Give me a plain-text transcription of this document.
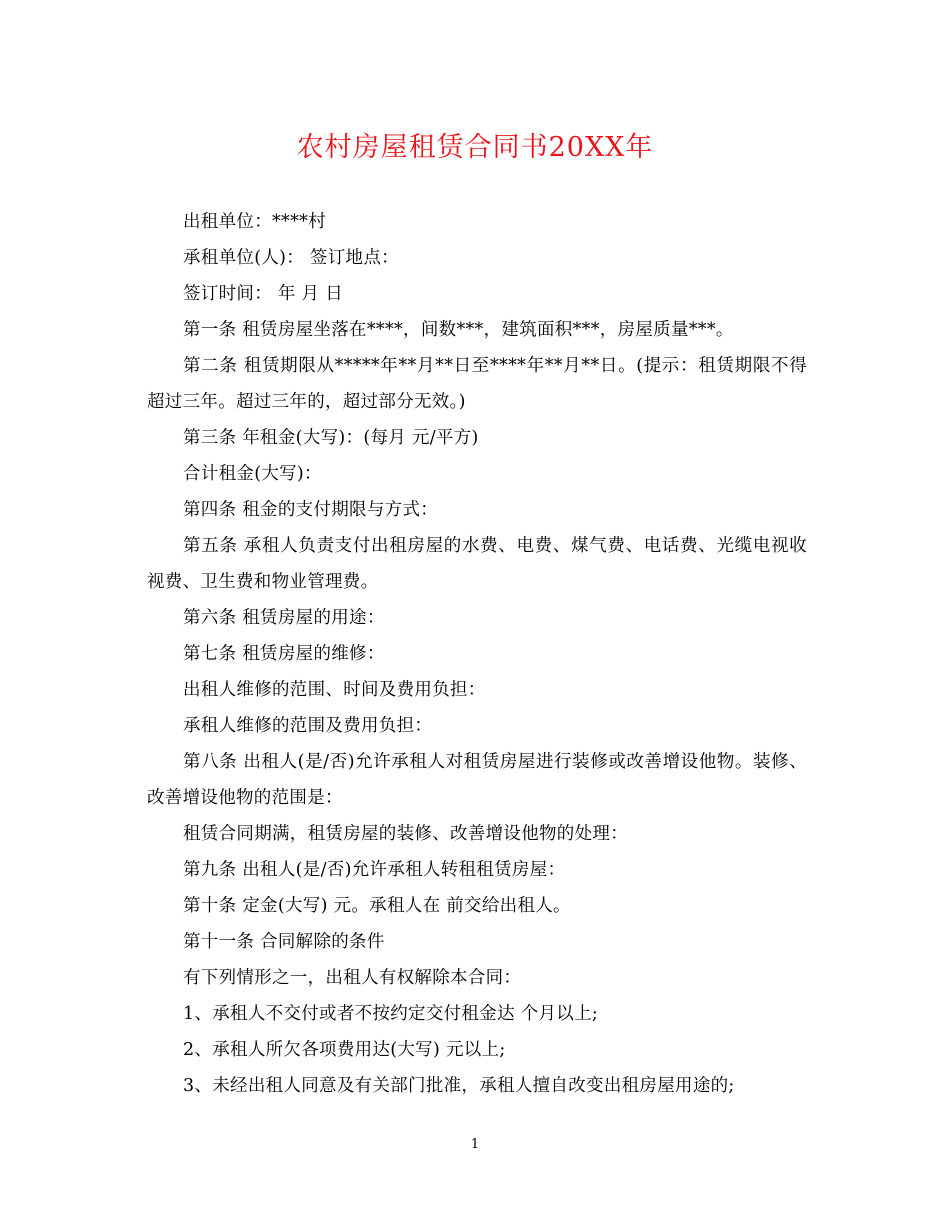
农村房屋租赁合同书20XX年

出租单位：****村

承租单位(人)： 签订地点：

签订时间： 年 月 日

第一条 租赁房屋坐落在****，间数***，建筑面积***，房屋质量***。

第二条 租赁期限从*****年**月**日至****年**月**日。(提示：租赁期限不得超过三年。超过三年的，超过部分无效。)

第三条 年租金(大写)：(每月 元/平方)

合计租金(大写)：

第四条 租金的支付期限与方式：

第五条 承租人负责支付出租房屋的水费、电费、煤气费、电话费、光缆电视收视费、卫生费和物业管理费。

第六条 租赁房屋的用途：

第七条 租赁房屋的维修：

出租人维修的范围、时间及费用负担：

承租人维修的范围及费用负担：

第八条 出租人(是/否)允许承租人对租赁房屋进行装修或改善增设他物。装修、改善增设他物的范围是：

租赁合同期满，租赁房屋的装修、改善增设他物的处理：

第九条 出租人(是/否)允许承租人转租租赁房屋：

第十条 定金(大写) 元。承租人在 前交给出租人。

第十一条 合同解除的条件

有下列情形之一，出租人有权解除本合同：

1、承租人不交付或者不按约定交付租金达 个月以上;

2、承租人所欠各项费用达(大写) 元以上;

3、未经出租人同意及有关部门批准，承租人擅自改变出租房屋用途的;

1
